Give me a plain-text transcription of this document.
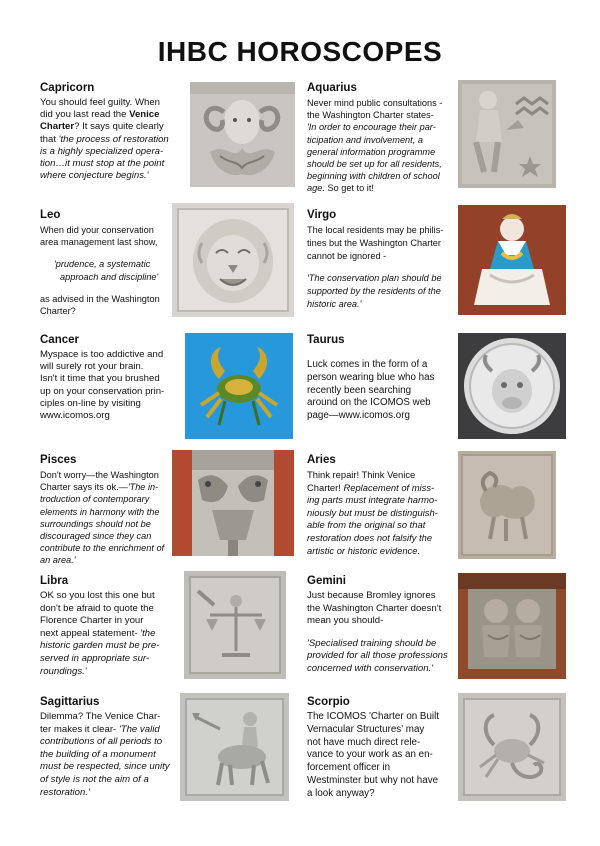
IHBC HOROSCOPES
Capricorn

You should feel guilty. When

did you last read the Venice

Charter? It says quite clearly

that 'the process of restoration

is a highly specialized opera-

tion…it must stop at the point

where conjecture begins.'

Aquarius

Never mind public consultations -

the Washington Charter states-

'In order to encourage their par-

ticipation and involvement, a

general information programme

should be set up for all residents,

beginning with children of school

age. So get to it!

Leo

When did your conservation

area management last show,

'prudence, a systematic

approach and discipline'

as advised in the Washington

Charter?

Virgo

The local residents may be philis-

tines but the Washington Charter

cannot be ignored -

'The conservation plan should be

supported by the residents of the

historic area.'

Cancer

Myspace is too addictive and

will surely rot your brain.

Isn't it time that you brushed

up on your conservation prin-

ciples on-line by visiting

www.icomos.org

Taurus

Luck comes in the form of a

person wearing blue who has

recently been searching

around on the ICOMOS web

page—www.icomos.org

Pisces

Don't worry—the Washington

Charter says its ok.—'The in-

troduction of contemporary

elements in harmony with the

surroundings should not be

discouraged since they can

contribute to the enrichment of

an area.'

Aries

Think repair! Think Venice

Charter! Replacement of miss-

ing parts must integrate harmo-

niously but must be distinguish-

able from the original so that

restoration does not falsify the

artistic or historic evidence.

Libra

OK so you lost this one but

don't be afraid to quote the

Florence Charter in your

next appeal statement- 'the

historic garden must be pre-

served in appropriate sur-

roundings.'

Gemini

Just because Bromley ignores

the Washington Charter doesn't

mean you should-

'Specialised training should be

provided for all those professions

concerned with conservation.'

Sagittarius

Dilemma? The Venice Char-

ter makes it clear- 'The valid

contributions of all periods to

the building of a monument

must be respected, since unity

of style is not the aim of a

restoration.'

Scorpio

The ICOMOS 'Charter on Built

Vernacular Structures' may

not have much direct rele-

vance to your work as an en-

forcement officer in

Westminster but why not have

a look anyway?
